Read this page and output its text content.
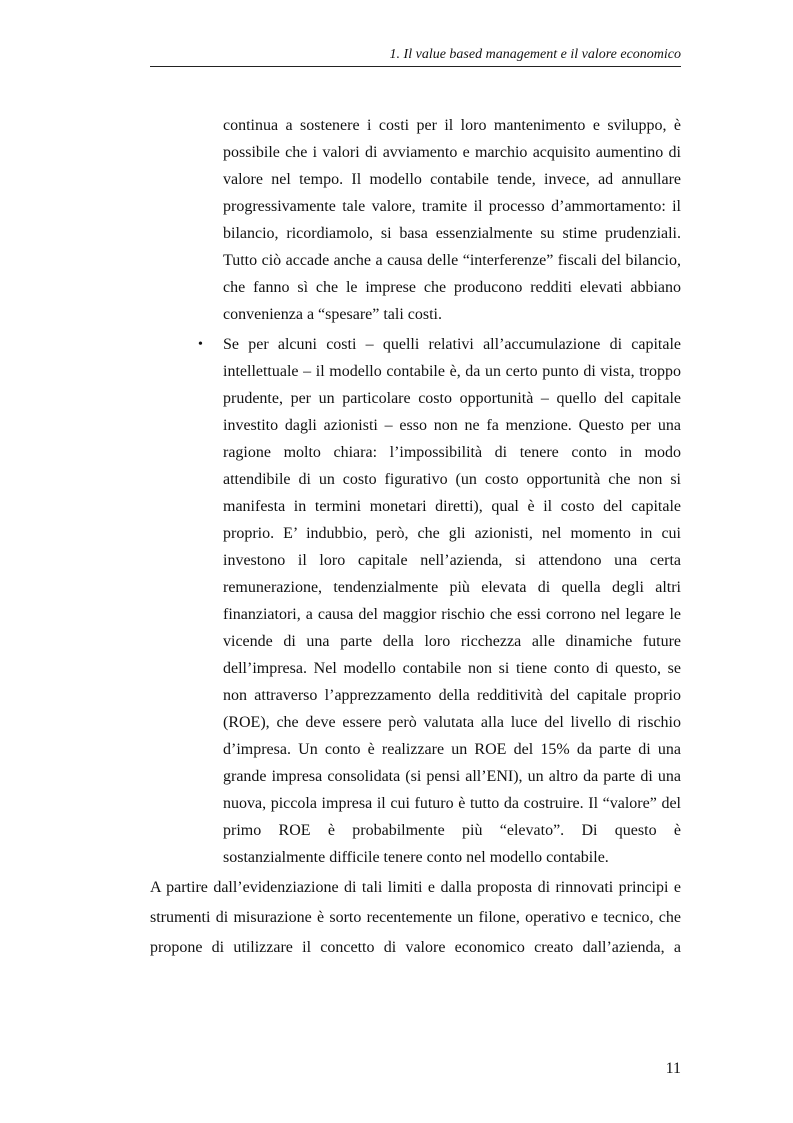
1. Il value based management e il valore economico
continua a sostenere i costi per il loro mantenimento e sviluppo, è
possibile che i valori di avviamento e marchio acquisito aumentino di
valore nel tempo. Il modello contabile tende, invece, ad annullare
progressivamente tale valore, tramite il processo d’ammortamento: il
bilancio, ricordiamolo, si basa essenzialmente su stime prudenziali.
Tutto ciò accade anche a causa delle “interferenze” fiscali del bilancio,
che fanno sì che le imprese che producono redditi elevati abbiano
convenienza a “spesare” tali costi.
• Se per alcuni costi – quelli relativi all’accumulazione di capitale
intellettuale – il modello contabile è, da un certo punto di vista, troppo
prudente, per un particolare costo opportunità – quello del capitale
investito dagli azionisti – esso non ne fa menzione. Questo per una
ragione molto chiara: l’impossibilità di tenere conto in modo
attendibile di un costo figurativo (un costo opportunità che non si
manifesta in termini monetari diretti), qual è il costo del capitale
proprio. E’ indubbio, però, che gli azionisti, nel momento in cui
investono il loro capitale nell’azienda, si attendono una certa
remunerazione, tendenzialmente più elevata di quella degli altri
finanziatori, a causa del maggior rischio che essi corrono nel legare le
vicende di una parte della loro ricchezza alle dinamiche future
dell’impresa. Nel modello contabile non si tiene conto di questo, se
non attraverso l’apprezzamento della redditività del capitale proprio
(ROE), che deve essere però valutata alla luce del livello di rischio
d’impresa. Un conto è realizzare un ROE del 15% da parte di una
grande impresa consolidata (si pensi all’ENI), un altro da parte di una
nuova, piccola impresa il cui futuro è tutto da costruire. Il “valore” del
primo ROE è probabilmente più “elevato”. Di questo è
sostanzialmente difficile tenere conto nel modello contabile.
A partire dall’evidenziazione di tali limiti e dalla proposta di rinnovati principi e
strumenti di misurazione è sorto recentemente un filone, operativo e tecnico, che
propone di utilizzare il concetto di valore economico creato dall’azienda, a
11
